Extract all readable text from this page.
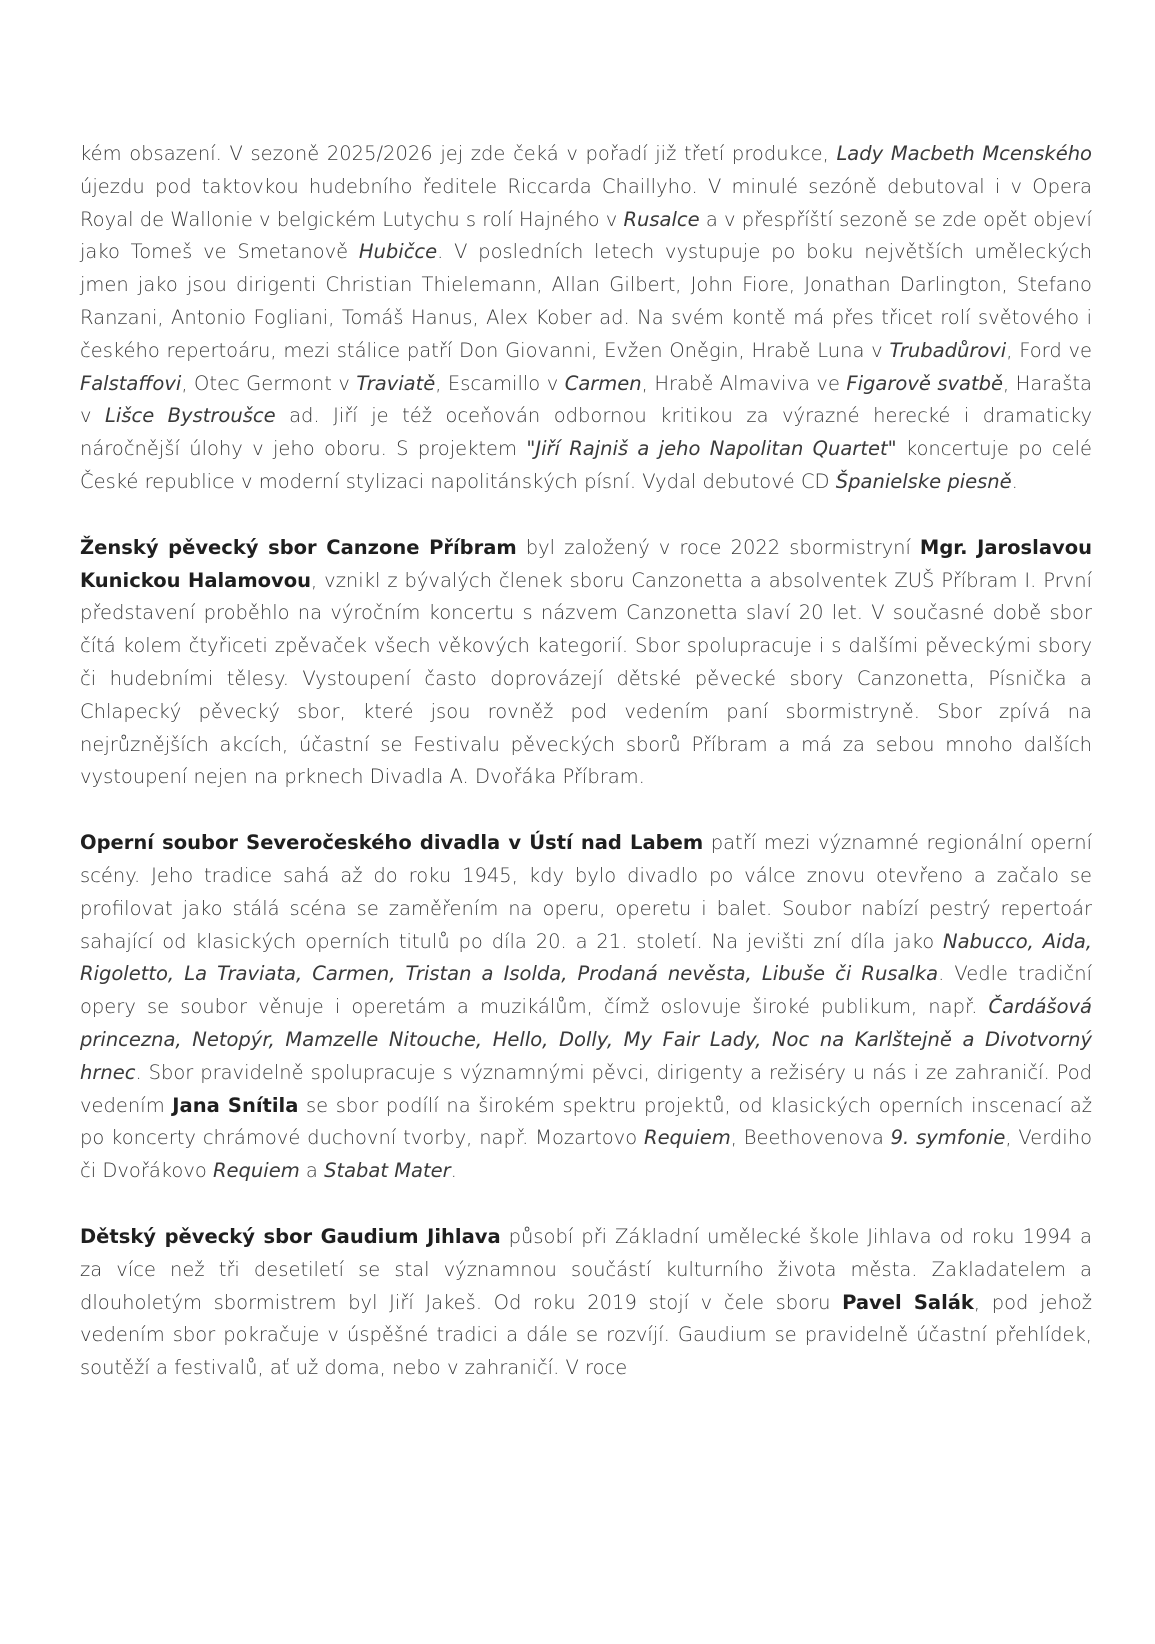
kém obsazení. V sezoně 2025/2026 jej zde čeká v pořadí již třetí produkce, Lady Macbeth Mcenského újezdu pod taktovkou hudebního ředitele Riccarda Chaillyho. V minulé sezóně debutoval i v Opera Royal de Wallonie v belgickém Lutychu s rolí Hajného v Rusalce a v přespříští sezoně se zde opět objeví jako Tomeš ve Smetanově Hubičce. V posledních letech vystupuje po boku největších uměleckých jmen jako jsou dirigenti Christian Thielemann, Allan Gilbert, John Fiore, Jonathan Darlington, Stefano Ranzani, Antonio Fogliani, Tomáš Hanus, Alex Kober ad. Na svém kontě má přes třicet rolí světového i českého repertoáru, mezi stálice patří Don Giovanni, Evžen Oněgin, Hrabě Luna v Trubadůrovi, Ford ve Falstaffovi, Otec Germont v Traviatě, Escamillo v Carmen, Hrabě Almaviva ve Figarově svatbě, Harašta v Lišce Bystroušce ad. Jiří je též oceňován odbornou kritikou za výrazné herecké i dramaticky náročnější úlohy v jeho oboru. S projektem "Jiří Rajniš a jeho Napolitan Quartet" koncertuje po celé České republice v moderní stylizaci napolitánských písní. Vydal debutové CD Španielske piesně.

Ženský pěvecký sbor Canzone Příbram byl založený v roce 2022 sbormistryní Mgr. Jaroslavou Kunickou Halamovou, vznikl z bývalých členek sboru Canzonetta a absolventek ZUŠ Příbram I. První představení proběhlo na výročním koncertu s názvem Canzonetta slaví 20 let. V současné době sbor čítá kolem čtyřiceti zpěvaček všech věkových kategorií. Sbor spolupracuje i s dalšími pěveckými sbory či hudebními tělesy. Vystoupení často doprovázejí dětské pěvecké sbory Canzonetta, Písnička a Chlapecký pěvecký sbor, které jsou rovněž pod vedením paní sbormistryně. Sbor zpívá na nejrůznějších akcích, účastní se Festivalu pěveckých sborů Příbram a má za sebou mnoho dalších vystoupení nejen na prknech Divadla A. Dvořáka Příbram.

Operní soubor Severočeského divadla v Ústí nad Labem patří mezi významné regionální operní scény. Jeho tradice sahá až do roku 1945, kdy bylo divadlo po válce znovu otevřeno a začalo se profilovat jako stálá scéna se zaměřením na operu, operetu i balet. Soubor nabízí pestrý repertoár sahající od klasických operních titulů po díla 20. a 21. století. Na jevišti zní díla jako Nabucco, Aida, Rigoletto, La Traviata, Carmen, Tristan a Isolda, Prodaná nevěsta, Libuše či Rusalka. Vedle tradiční opery se soubor věnuje i operetám a muzikálům, čímž oslovuje široké publikum, např. Čardášová princezna, Netopýr, Mamzelle Nitouche, Hello, Dolly, My Fair Lady, Noc na Karlštejně a Divotvorný hrnec. Sbor pravidelně spolupracuje s významnými pěvci, dirigenty a režiséry u nás i ze zahraničí. Pod vedením Jana Snítila se sbor podílí na širokém spektru projektů, od klasických operních inscenací až po koncerty chrámové duchovní tvorby, např. Mozartovo Requiem, Beethovenova 9. symfonie, Verdiho či Dvořákovo Requiem a Stabat Mater.

Dětský pěvecký sbor Gaudium Jihlava působí při Základní umělecké škole Jihlava od roku 1994 a za více než tři desetiletí se stal významnou součástí kulturního života města. Zakladatelem a dlouholetým sbormistrem byl Jiří Jakeš. Od roku 2019 stojí v čele sboru Pavel Salák, pod jehož vedením sbor pokračuje v úspěšné tradici a dále se rozvíjí. Gaudium se pravidelně účastní přehlídek, soutěží a festivalů, ať už doma, nebo v zahraničí. V roce
